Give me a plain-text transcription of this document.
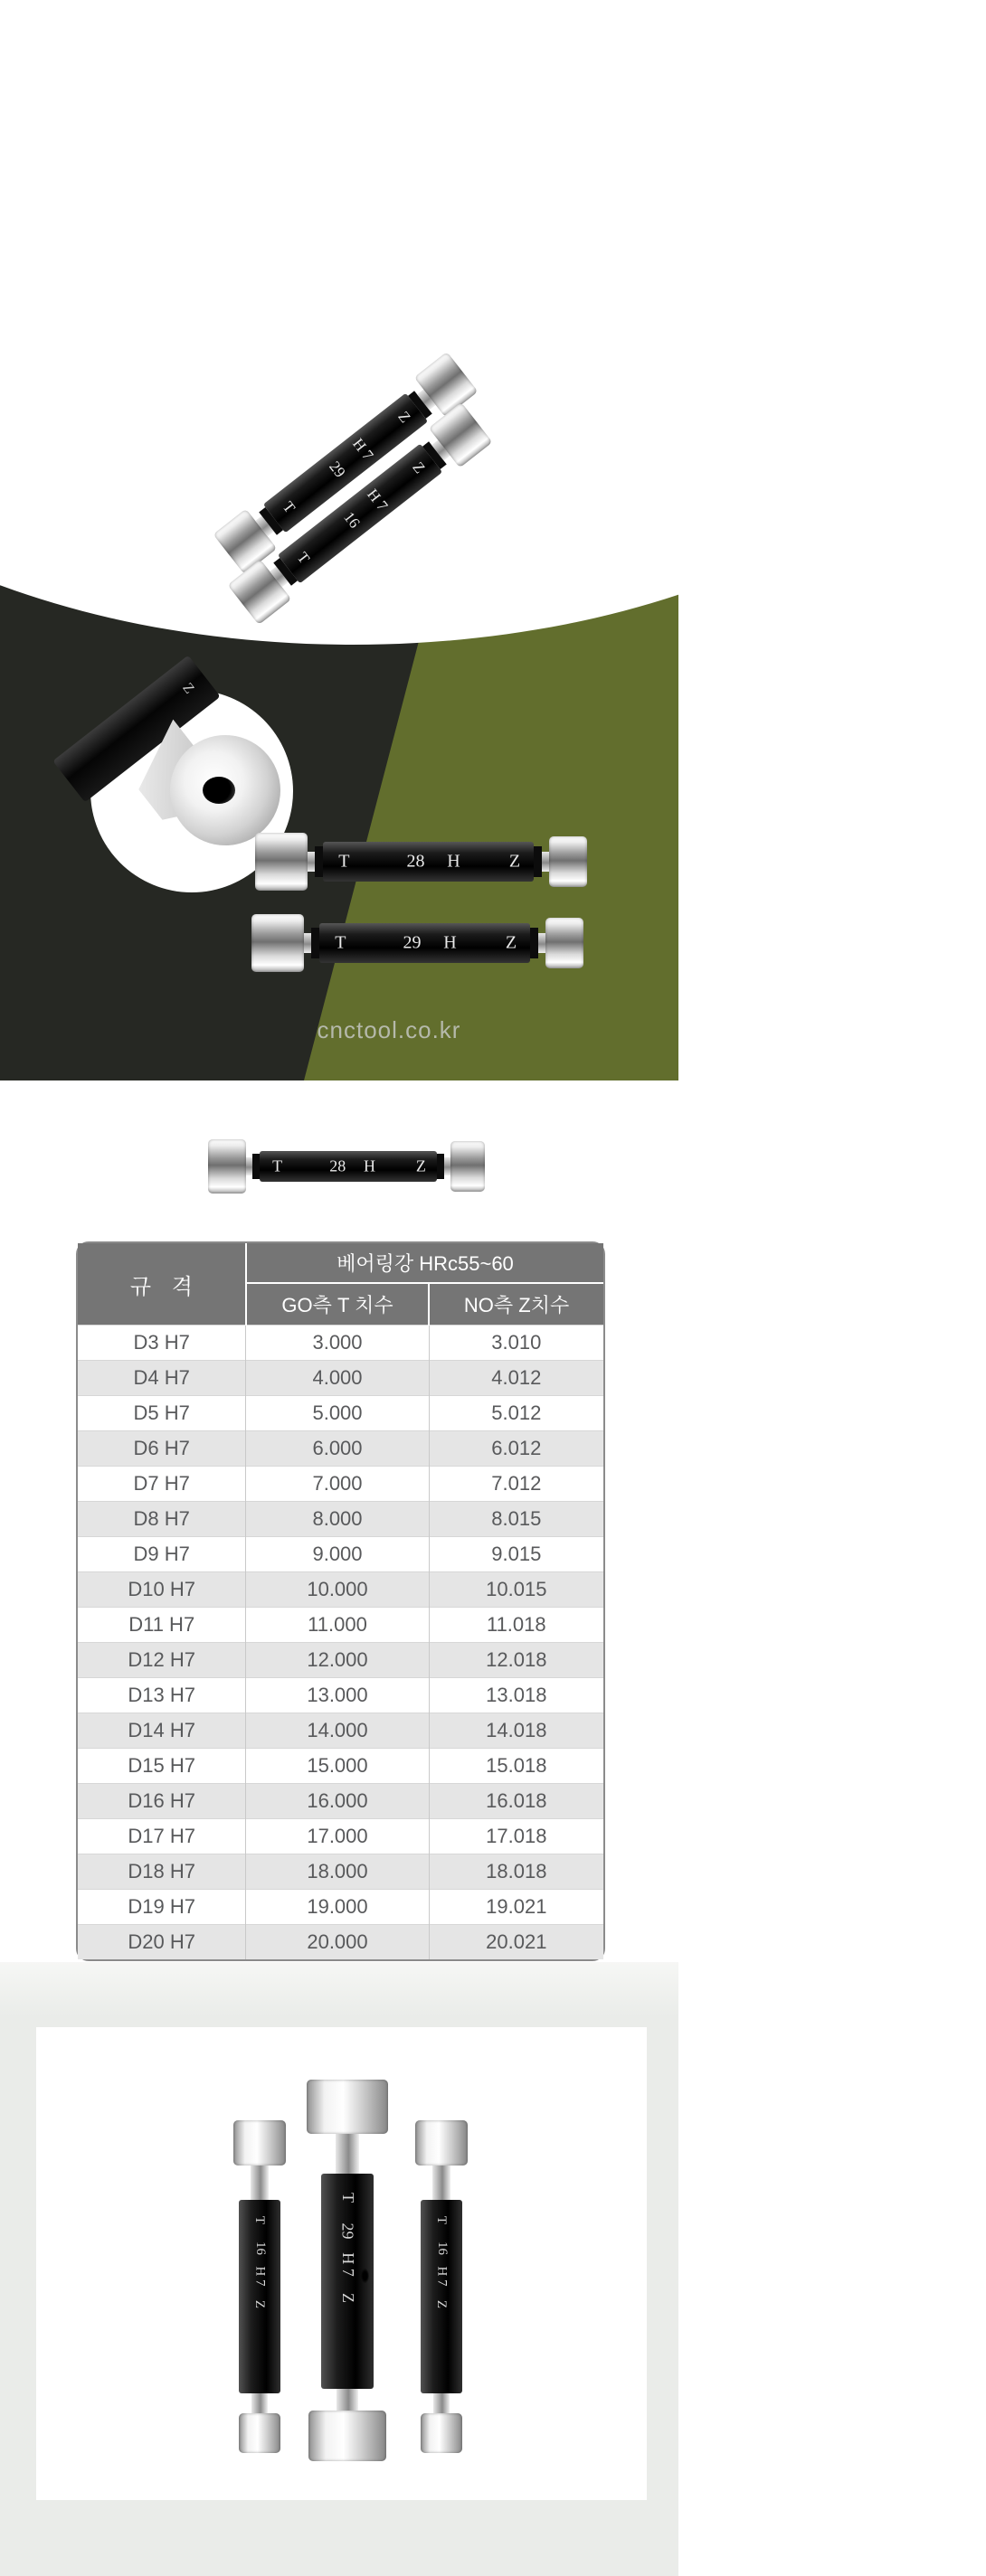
T
29
H 7
Z
T
16
H 7
Z
Z
T	28 H	Z
T	29 H	Z
cnctool.co.kr
T	28 H Z
규 격	베어링강 HRc55~60	
	GO측 T 치수	NO측 Z치수
D3 H7	3.000	3.010
D4 H7	4.000	4.012
D5 H7	5.000	5.012
D6 H7	6.000	6.012
D7 H7	7.000	7.012
D8 H7	8.000	8.015
D9 H7	9.000	9.015
D10 H7	10.000	10.015
D11 H7	11.000	11.018
D12 H7	12.000	12.018
D13 H7	13.000	13.018
D14 H7	14.000	14.018
D15 H7	15.000	15.018
D16 H7	16.000	16.018
D17 H7	17.000	17.018
D18 H7	18.000	18.018
D19 H7	19.000	19.021
D20 H7	20.000	20.021
T
16
H 7
Z
T
29
H 7
Z
T
16
H 7
Z
